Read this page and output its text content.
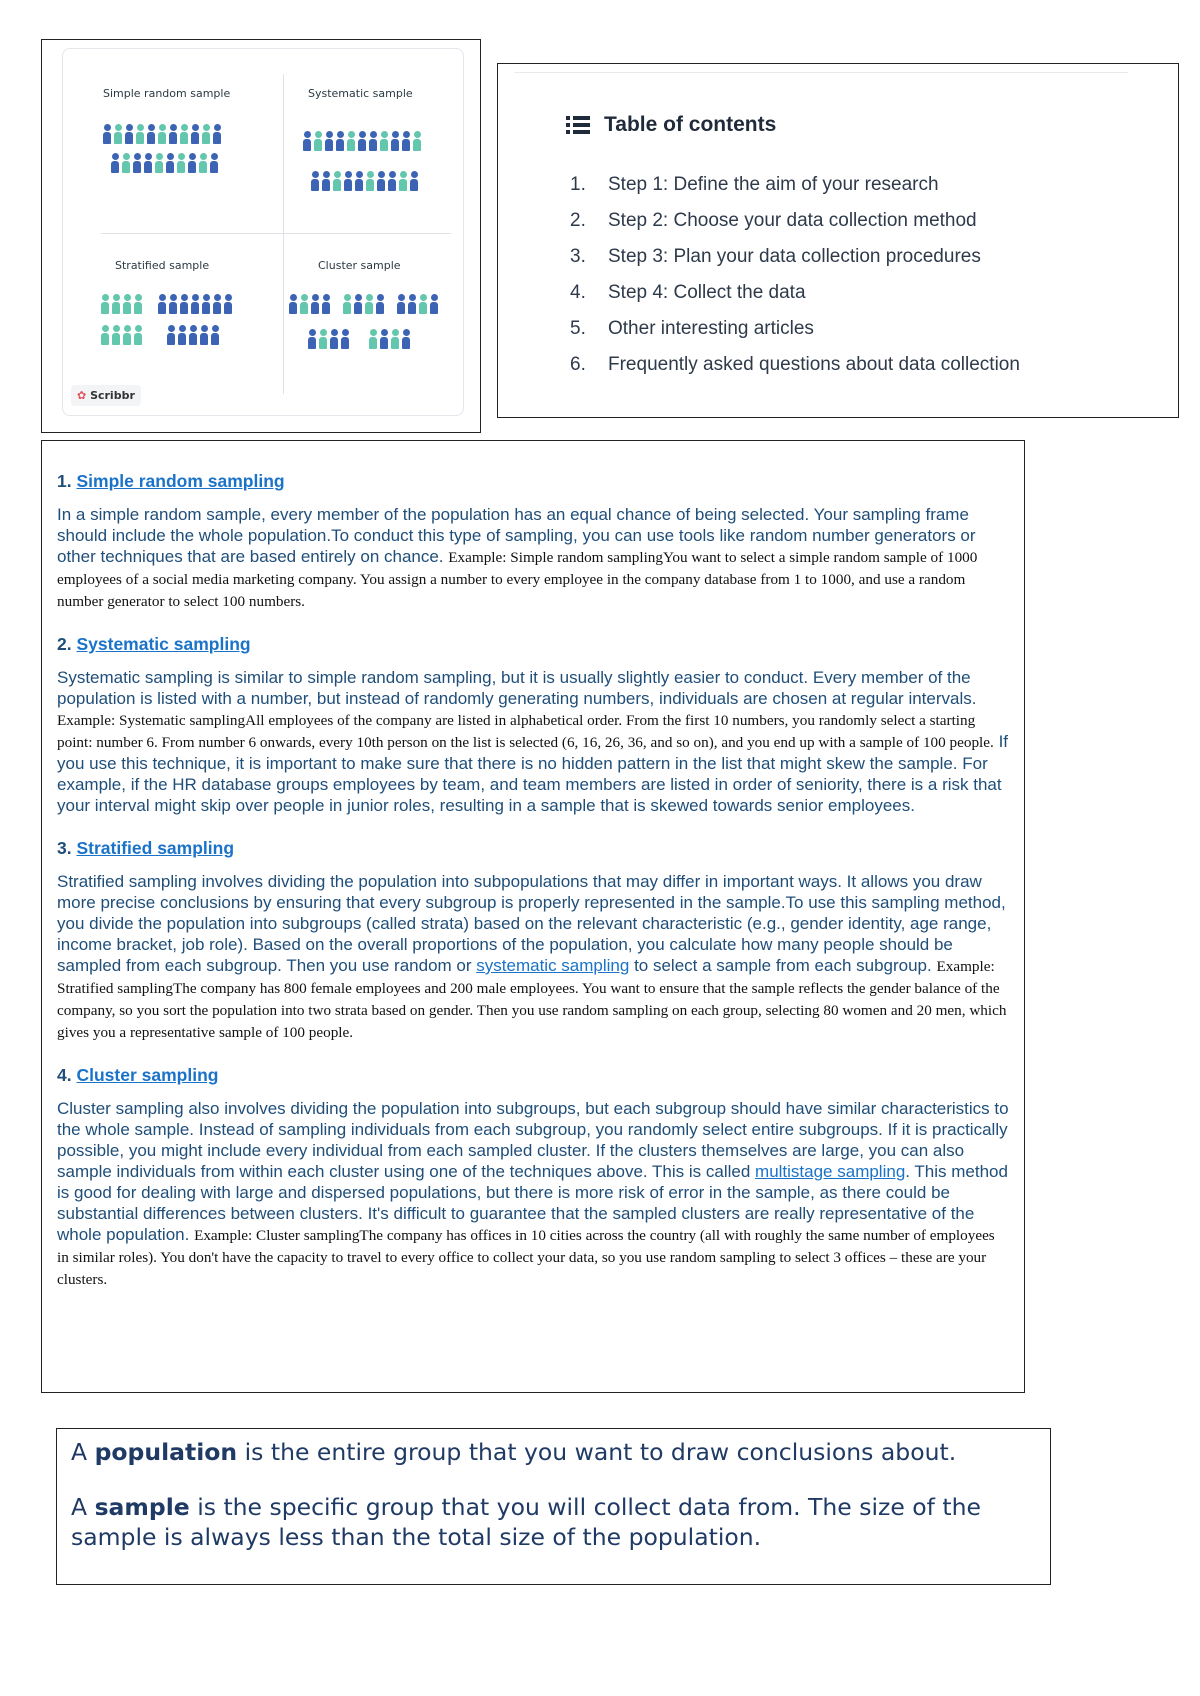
Simple random sample	Systematic sample
Stratified sample	Cluster sample
✿ Scribbr
Table of contents
1. Step 1: Define the aim of your research
2. Step 2: Choose your data collection method
3. Step 3: Plan your data collection procedures
4. Step 4: Collect the data
5. Other interesting articles
6. Frequently asked questions about data collection
1. Simple random sampling

In a simple random sample, every member of the population has an equal chance of being selected. Your sampling frame should include the whole population.To conduct this type of sampling, you can use tools like random number generators or other techniques that are based entirely on chance. Example: Simple random samplingYou want to select a simple random sample of 1000 employees of a social media marketing company. You assign a number to every employee in the company database from 1 to 1000, and use a random number generator to select 100 numbers.

2. Systematic sampling

Systematic sampling is similar to simple random sampling, but it is usually slightly easier to conduct. Every member of the population is listed with a number, but instead of randomly generating numbers, individuals are chosen at regular intervals. Example: Systematic samplingAll employees of the company are listed in alphabetical order. From the first 10 numbers, you randomly select a starting point: number 6. From number 6 onwards, every 10th person on the list is selected (6, 16, 26, 36, and so on), and you end up with a sample of 100 people. If you use this technique, it is important to make sure that there is no hidden pattern in the list that might skew the sample. For example, if the HR database groups employees by team, and team members are listed in order of seniority, there is a risk that your interval might skip over people in junior roles, resulting in a sample that is skewed towards senior employees.

3. Stratified sampling

Stratified sampling involves dividing the population into subpopulations that may differ in important ways. It allows you draw more precise conclusions by ensuring that every subgroup is properly represented in the sample.To use this sampling method, you divide the population into subgroups (called strata) based on the relevant characteristic (e.g., gender identity, age range, income bracket, job role). Based on the overall proportions of the population, you calculate how many people should be sampled from each subgroup. Then you use random or systematic sampling to select a sample from each subgroup. Example: Stratified samplingThe company has 800 female employees and 200 male employees. You want to ensure that the sample reflects the gender balance of the company, so you sort the population into two strata based on gender. Then you use random sampling on each group, selecting 80 women and 20 men, which gives you a representative sample of 100 people.

4. Cluster sampling

Cluster sampling also involves dividing the population into subgroups, but each subgroup should have similar characteristics to the whole sample. Instead of sampling individuals from each subgroup, you randomly select entire subgroups. If it is practically possible, you might include every individual from each sampled cluster. If the clusters themselves are large, you can also sample individuals from within each cluster using one of the techniques above. This is called multistage sampling. This method is good for dealing with large and dispersed populations, but there is more risk of error in the sample, as there could be substantial differences between clusters. It's difficult to guarantee that the sampled clusters are really representative of the whole population. Example: Cluster samplingThe company has offices in 10 cities across the country (all with roughly the same number of employees in similar roles). You don't have the capacity to travel to every office to collect your data, so you use random sampling to select 3 offices – these are your clusters.

A population is the entire group that you want to draw conclusions about.

A sample is the specific group that you will collect data from. The size of the sample is always less than the total size of the population.
